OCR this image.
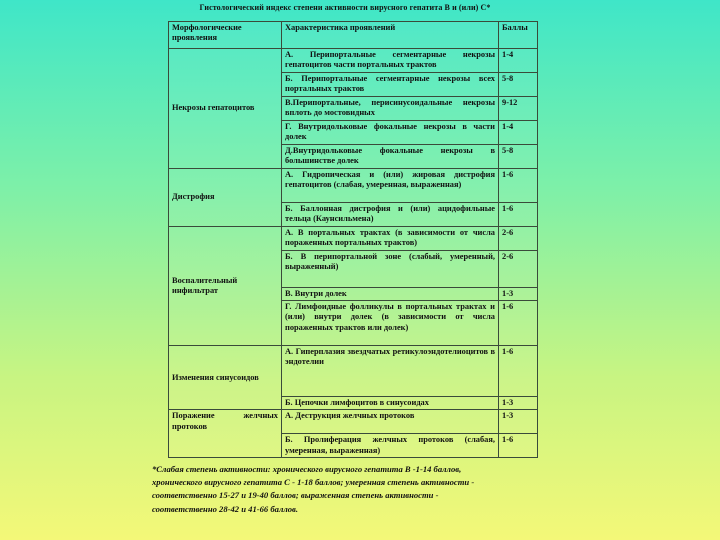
Гистологический индекс степени активности вирусного гепатита В и (или) С*
Морфологические проявления	Характеристика проявлений	Баллы
Некрозы гепатоцитов	А. Перипортальные сегментарные некрозы гепатоцитов части портальных трактов	1-4
	Б. Перипортальные сегментарные некрозы всех портальных трактов	5-8
	В.Перипортальные, перисинусоидальные некрозы вплоть до мостовидных	9-12
	Г. Внутридольковые фокальные некрозы в части долек	1-4
	Д.Внутридольковые фокальные некрозы в большинстве долек	5-8
Дистрофия	А. Гидропическая и (или) жировая дистрофия гепатоцитов (слабая, умеренная, выраженная)	1-6
	Б. Баллонная дистрофия и (или) ацидофильные тельца (Каунсильмена)	1-6
Воспалительный инфильтрат	А. В портальных трактах (в зависимости от числа пораженных портальных трактов)	2-6
	Б. В перипортальной зоне (слабый, умеренный, выраженный)	2-6
	В. Внутри долек	1-3
	Г. Лимфоидные фолликулы в портальных трактах и (или) внутри долек (в зависимости от числа пораженных трактов или долек)	1-6
Изменения синусоидов	А. Гиперплазия звездчатых ретикулоэндотелиоцитов в эндотелии	1-6
	Б. Цепочки лимфоцитов в синусоидах	1-3
Поражение желчных протоков	А. Деструкция желчных протоков	1-3
	Б. Пролиферация желчных протоков (слабая, умеренная, выраженная)	1-6
*Слабая степень активности: хронического вирусного гепатита В -1-14 баллов,
хронического вирусного гепатита С - 1-18 баллов; умеренная степень активности -
соответственно 15-27 и 19-40 баллов; выраженная степень активности -
соответственно 28-42 и 41-66 баллов.
